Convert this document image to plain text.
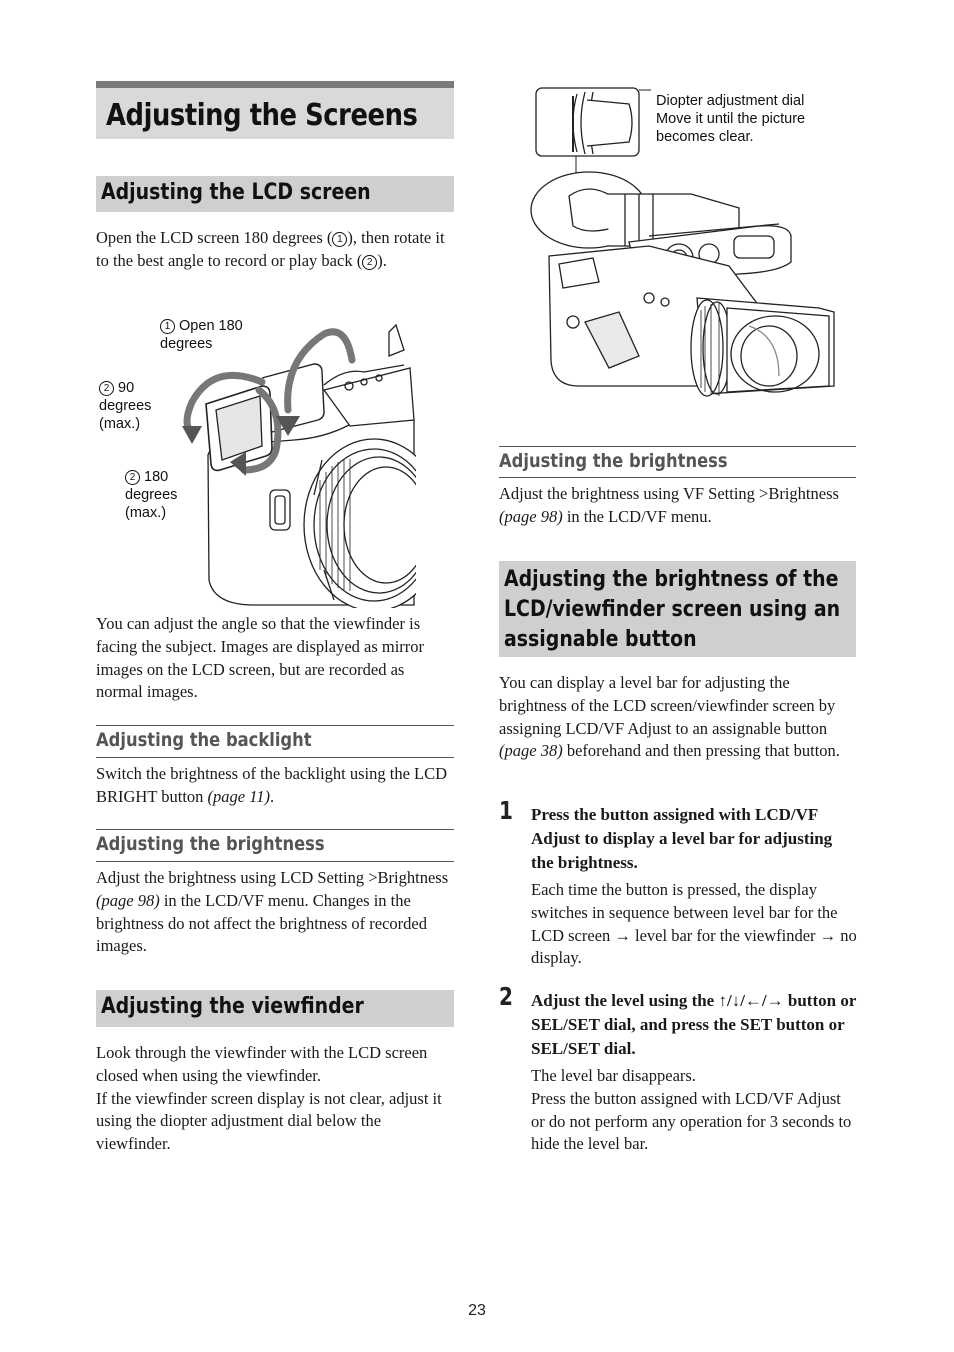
Adjusting the Screens
Adjusting the LCD screen

Open the LCD screen 180 degrees ( 1 ), then rotate it to the best angle to record or play back ( 2 ).

1 Open 180 degrees
2 90 degrees (max.)
2 180 degrees (max.)

You can adjust the angle so that the viewfinder is facing the subject. Images are displayed as mirror images on the LCD screen, but are recorded as normal images.

Adjusting the backlight

Switch the brightness of the backlight using the LCD BRIGHT button (page 11).

Adjusting the brightness

Adjust the brightness using LCD Setting >Brightness (page 98) in the LCD/VF menu. Changes in the brightness do not affect the brightness of recorded images.

Adjusting the viewfinder

Look through the viewfinder with the LCD screen closed when using the viewfinder.
If the viewfinder screen display is not clear, adjust it using the diopter adjustment dial below the viewfinder.

Diopter adjustment dial
Move it until the picture becomes clear.
Adjusting the brightness

Adjust the brightness using VF Setting >Brightness (page 98) in the LCD/VF menu.

Adjusting the brightness of the LCD/viewfinder screen using an assignable button

You can display a level bar for adjusting the brightness of the LCD screen/viewfinder screen by assigning LCD/VF Adjust to an assignable button (page 38) beforehand and then pressing that button.

1 Press the button assigned with LCD/VF Adjust to display a level bar for adjusting the brightness.

Each time the button is pressed, the display switches in sequence between level bar for the LCD screen → level bar for the viewfinder → no display.

2 Adjust the level using the ↑/↓/←/→ button or SEL/SET dial, and press the SET button or SEL/SET dial.

The level bar disappears.
Press the button assigned with LCD/VF Adjust or do not perform any operation for 3 seconds to hide the level bar.

23
